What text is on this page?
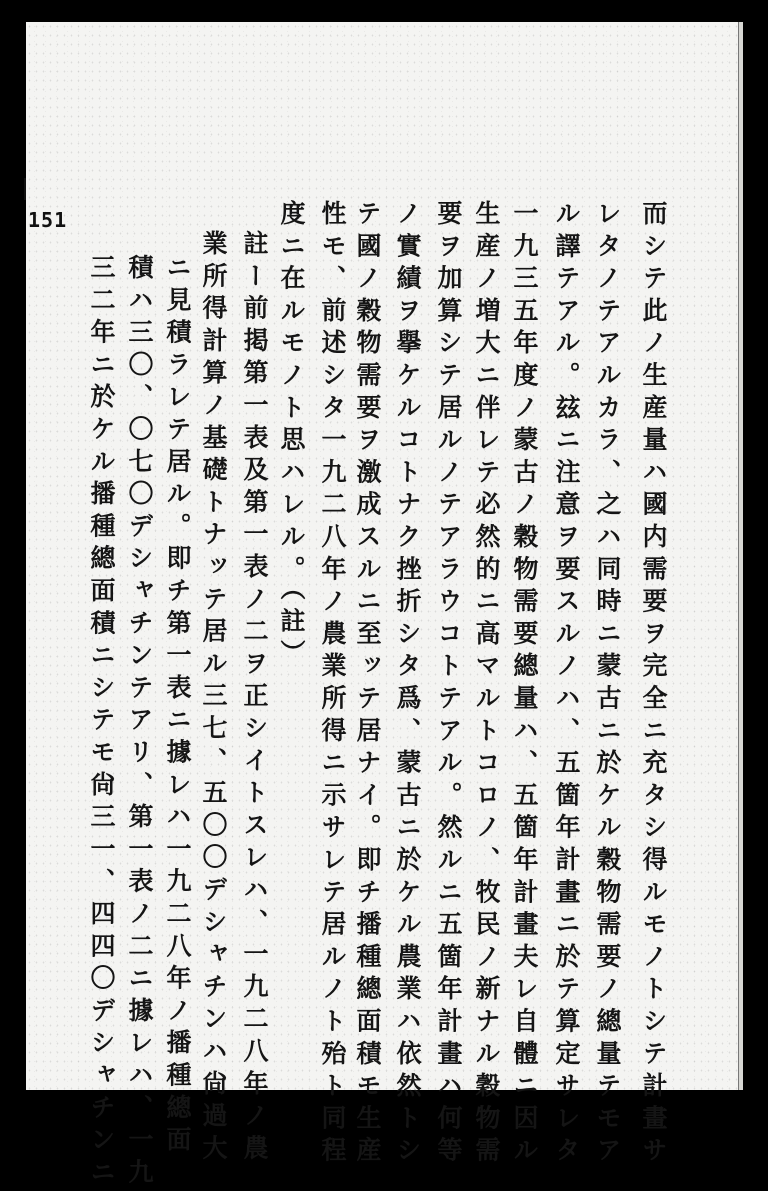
151	而シテ此ノ生産量ハ國内需要ヲ完全ニ充タシ得ルモノトシテ計畫サ
レタノテアルカラ、之ハ同時ニ蒙古ニ於ケル穀物需要ノ總量テモア
ル譯テアル。玆ニ注意ヲ要スルノハ、五箇年計畫ニ於テ算定サレタ
一九三五年度ノ蒙古ノ穀物需要總量ハ、五箇年計畫夫レ自體ニ因ル
生産ノ増大ニ伴レテ必然的ニ高マルトコロノ、牧民ノ新ナル穀物需
要ヲ加算シテ居ルノテアラウコトテアル。然ルニ五箇年計畫ハ何等
ノ實績ヲ擧ケルコトナク挫折シタ爲、蒙古ニ於ケル農業ハ依然トシ
テ國ノ穀物需要ヲ激成スルニ至ッテ居ナイ。即チ播種總面積モ生産
性モ、前述シタ一九二八年ノ農業所得ニ示サレテ居ルノト殆ト同程
度ニ在ルモノト思ハレル。（註）
註ー前掲第一表及第一表ノ二ヲ正シイトスレハ、一九二八年ノ農
業所得計算ノ基礎トナッテ居ル三七、五〇〇デシャチンハ尙過大
ニ見積ラレテ居ル。即チ第一表ニ據レハ一九二八年ノ播種總面
積ハ三〇、〇七〇デシャチンテアリ、第一表ノ二ニ據レハ、一九
三二年ニ於ケル播種總面積ニシテモ尙三一、四四〇デシャチンニ
